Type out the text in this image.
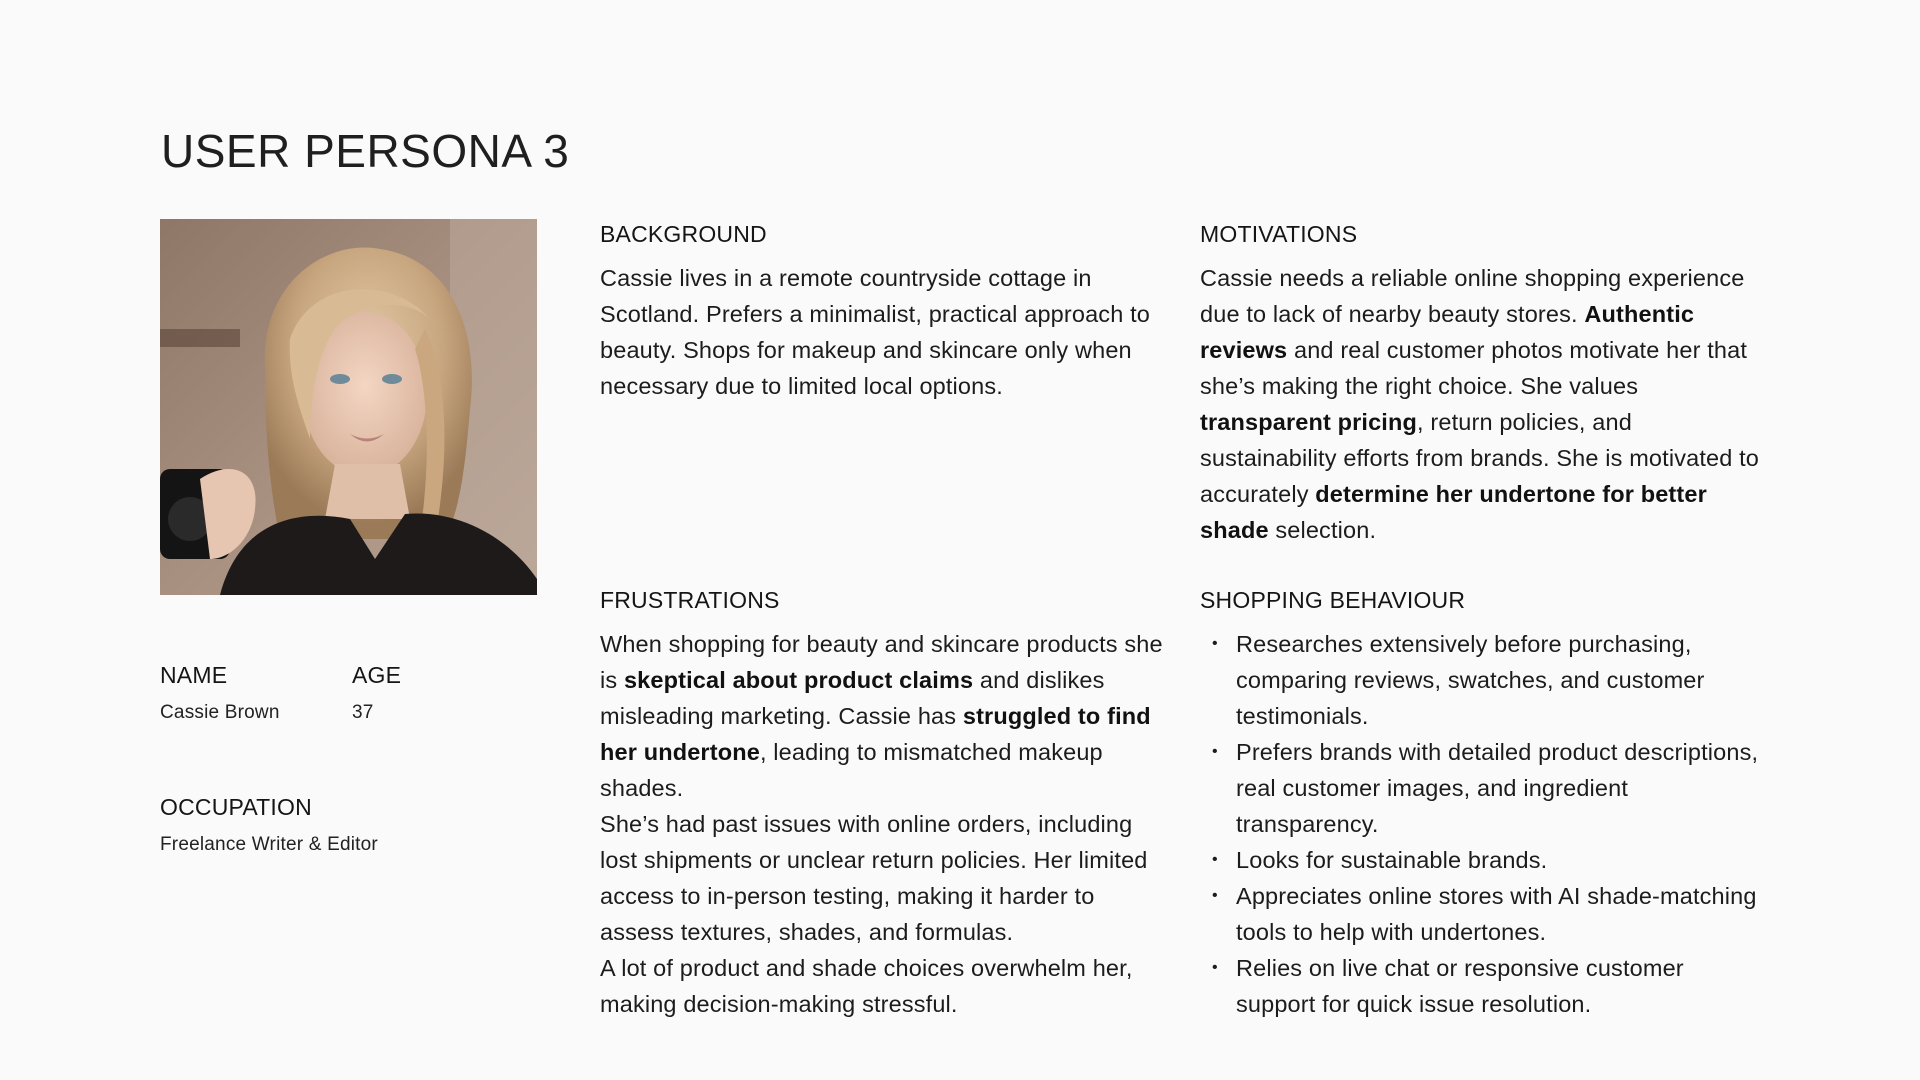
USER PERSONA 3
NAME
Cassie Brown
AGE
37
OCCUPATION
Freelance Writer & Editor
BACKGROUND

Cassie lives in a remote countryside cottage in Scotland. Prefers a minimalist, practical approach to beauty. Shops for makeup and skincare only when necessary due to limited local options.

MOTIVATIONS

Cassie needs a reliable online shopping experience due to lack of nearby beauty stores. Authentic reviews and real customer photos motivate her that she’s making the right choice. She values transparent pricing, return policies, and sustainability efforts from brands. She is motivated to accurately determine her undertone for better shade selection.

FRUSTRATIONS

When shopping for beauty and skincare products she is skeptical about product claims and dislikes misleading marketing. Cassie has struggled to find her undertone, leading to mismatched makeup shades.

She’s had past issues with online orders, including lost shipments or unclear return policies. Her limited access to in-person testing, making it harder to assess textures, shades, and formulas.

A lot of product and shade choices overwhelm her, making decision-making stressful.

SHOPPING BEHAVIOUR
• Researches extensively before purchasing, comparing reviews, swatches, and customer testimonials.
• Prefers brands with detailed product descriptions, real customer images, and ingredient transparency.
• Looks for sustainable brands.
• Appreciates online stores with AI shade-matching tools to help with undertones.
• Relies on live chat or responsive customer support for quick issue resolution.
